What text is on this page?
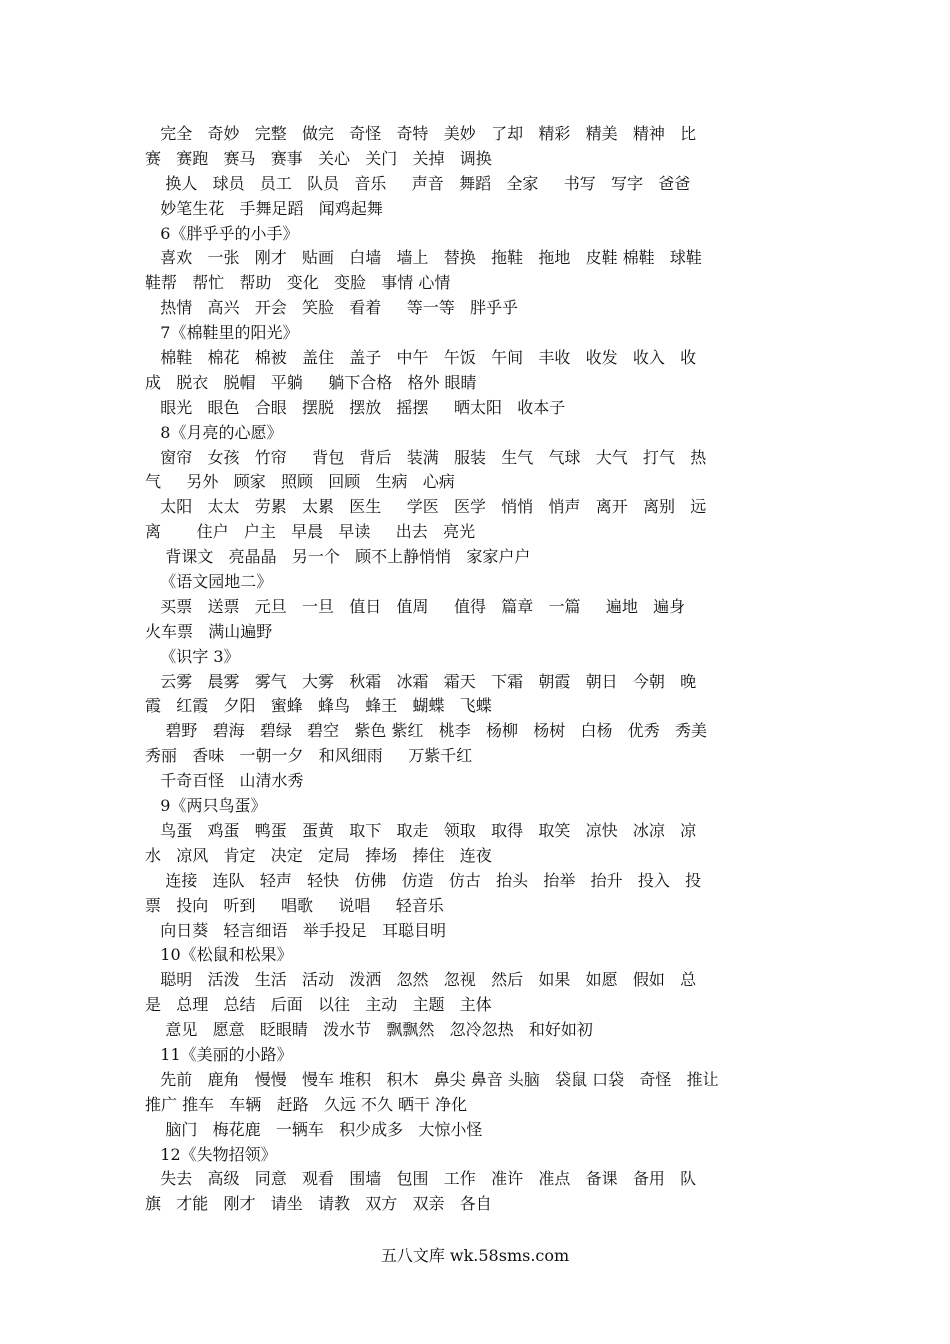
完全   奇妙   完整   做完   奇怪   奇特   美妙   了却   精彩   精美   精神   比
赛   赛跑   赛马   赛事   关心   关门   关掉   调换
换人   球员   员工   队员   音乐     声音   舞蹈   全家     书写   写字   爸爸
妙笔生花   手舞足蹈   闻鸡起舞
6《胖乎乎的小手》
喜欢   一张   刚才   贴画   白墙   墙上   替换   拖鞋   拖地   皮鞋 棉鞋   球鞋
鞋帮   帮忙   帮助   变化   变脸   事情 心情
热情   高兴   开会   笑脸   看着     等一等   胖乎乎
7《棉鞋里的阳光》
棉鞋   棉花   棉被   盖住   盖子   中午   午饭   午间   丰收   收发   收入   收
成   脱衣   脱帽   平躺     躺下合格   格外 眼睛
眼光   眼色   合眼   摆脱   摆放   摇摆     晒太阳   收本子
8《月亮的心愿》
窗帘   女孩   竹帘     背包   背后   装满   服装   生气   气球   大气   打气   热
气     另外   顾家   照顾   回顾   生病   心病
太阳   太太   劳累   太累   医生     学医   医学   悄悄   悄声   离开   离别   远
离       住户   户主   早晨   早读     出去   亮光
背课文   亮晶晶   另一个   顾不上静悄悄   家家户户
《语文园地二》
买票   送票   元旦   一旦   值日   值周     值得   篇章   一篇     遍地   遍身
火车票   满山遍野
《识字 3》
云雾   晨雾   雾气   大雾   秋霜   冰霜   霜天   下霜   朝霞   朝日   今朝   晚
霞   红霞   夕阳   蜜蜂   蜂鸟   蜂王   蝴蝶   飞蝶
碧野   碧海   碧绿   碧空   紫色 紫红   桃李   杨柳   杨树   白杨   优秀   秀美
秀丽   香味   一朝一夕   和风细雨     万紫千红
千奇百怪   山清水秀
9《两只鸟蛋》
鸟蛋   鸡蛋   鸭蛋   蛋黄   取下   取走   领取   取得   取笑   凉快   冰凉   凉
水   凉风   肯定   决定   定局   捧场   捧住   连夜
连接   连队   轻声   轻快   仿佛   仿造   仿古   抬头   抬举   抬升   投入   投
票   投向   听到     唱歌     说唱     轻音乐
向日葵   轻言细语   举手投足   耳聪目明
10《松鼠和松果》
聪明   活泼   生活   活动   泼洒   忽然   忽视   然后   如果   如愿   假如   总
是   总理   总结   后面   以往   主动   主题   主体
意见   愿意   眨眼睛   泼水节   飘飘然   忽冷忽热   和好如初
11《美丽的小路》
先前   鹿角   慢慢   慢车 堆积   积木   鼻尖 鼻音 头脑   袋鼠 口袋   奇怪   推让
推广 推车   车辆   赶路   久远 不久 晒干 净化
脑门   梅花鹿   一辆车   积少成多   大惊小怪
12《失物招领》
失去   高级   同意   观看   围墙   包围   工作   准许   准点   备课   备用   队
旗   才能   刚才   请坐   请教   双方   双亲   各自
五八文库 wk.58sms.com
